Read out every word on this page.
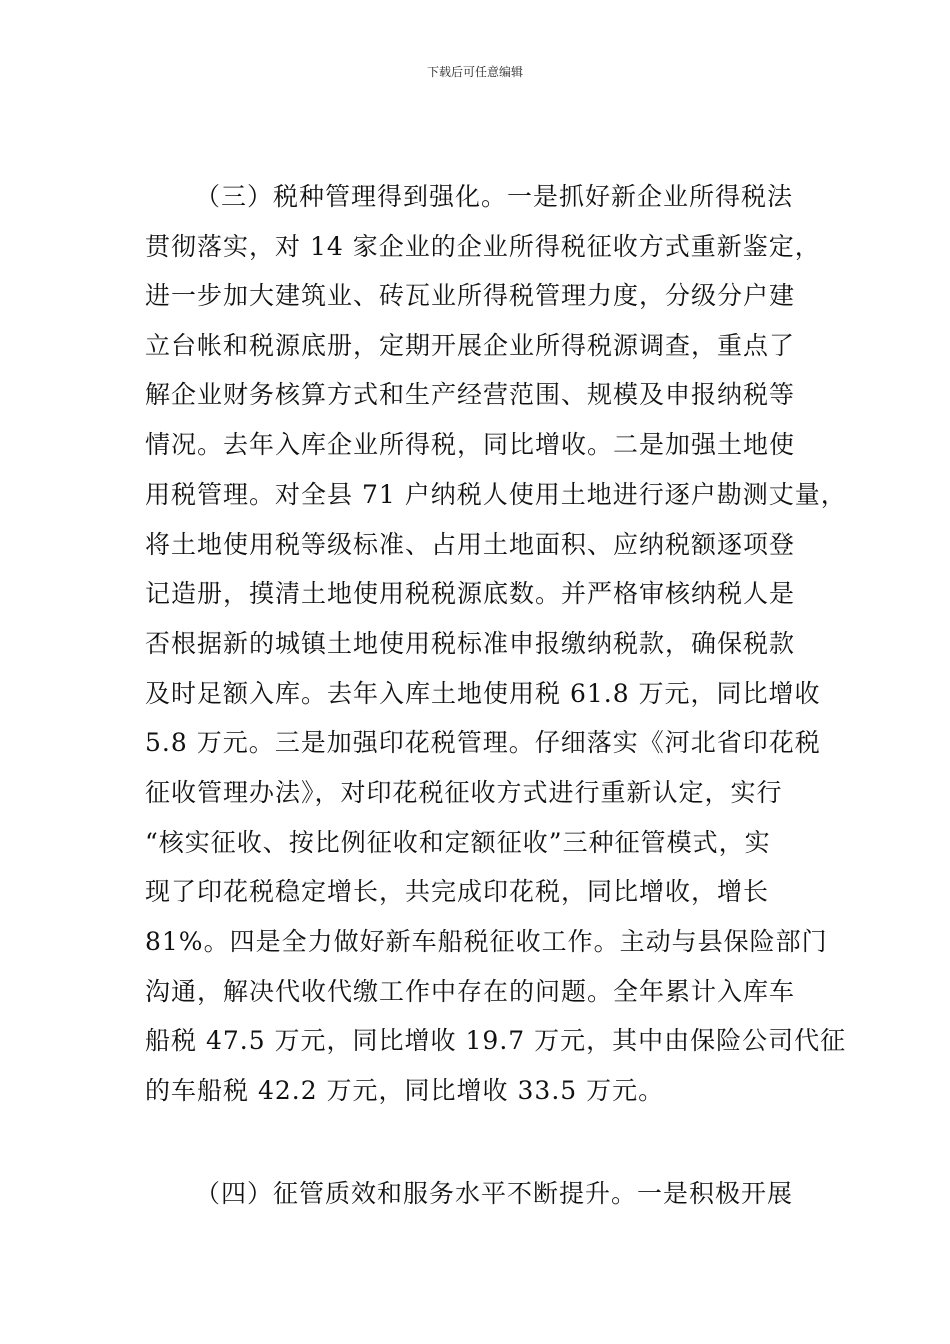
下载后可任意编辑
（三）税种管理得到强化。一是抓好新企业所得税法
贯彻落实，对 14 家企业的企业所得税征收方式重新鉴定，
进一步加大建筑业、砖瓦业所得税管理力度，分级分户建
立台帐和税源底册，定期开展企业所得税源调查，重点了
解企业财务核算方式和生产经营范围、规模及申报纳税等
情况。去年入库企业所得税，同比增收。二是加强土地使
用税管理。对全县 71 户纳税人使用土地进行逐户勘测丈量，
将土地使用税等级标准、占用土地面积、应纳税额逐项登
记造册，摸清土地使用税税源底数。并严格审核纳税人是
否根据新的城镇土地使用税标准申报缴纳税款，确保税款
及时足额入库。去年入库土地使用税 61.8 万元，同比增收
5.8 万元。三是加强印花税管理。仔细落实《河北省印花税
征收管理办法》，对印花税征收方式进行重新认定，实行
“核实征收、按比例征收和定额征收”三种征管模式，实
现了印花税稳定增长，共完成印花税，同比增收，增长
81%。四是全力做好新车船税征收工作。主动与县保险部门
沟通，解决代收代缴工作中存在的问题。全年累计入库车
船税 47.5 万元，同比增收 19.7 万元，其中由保险公司代征
的车船税 42.2 万元，同比增收 33.5 万元。
（四）征管质效和服务水平不断提升。一是积极开展
